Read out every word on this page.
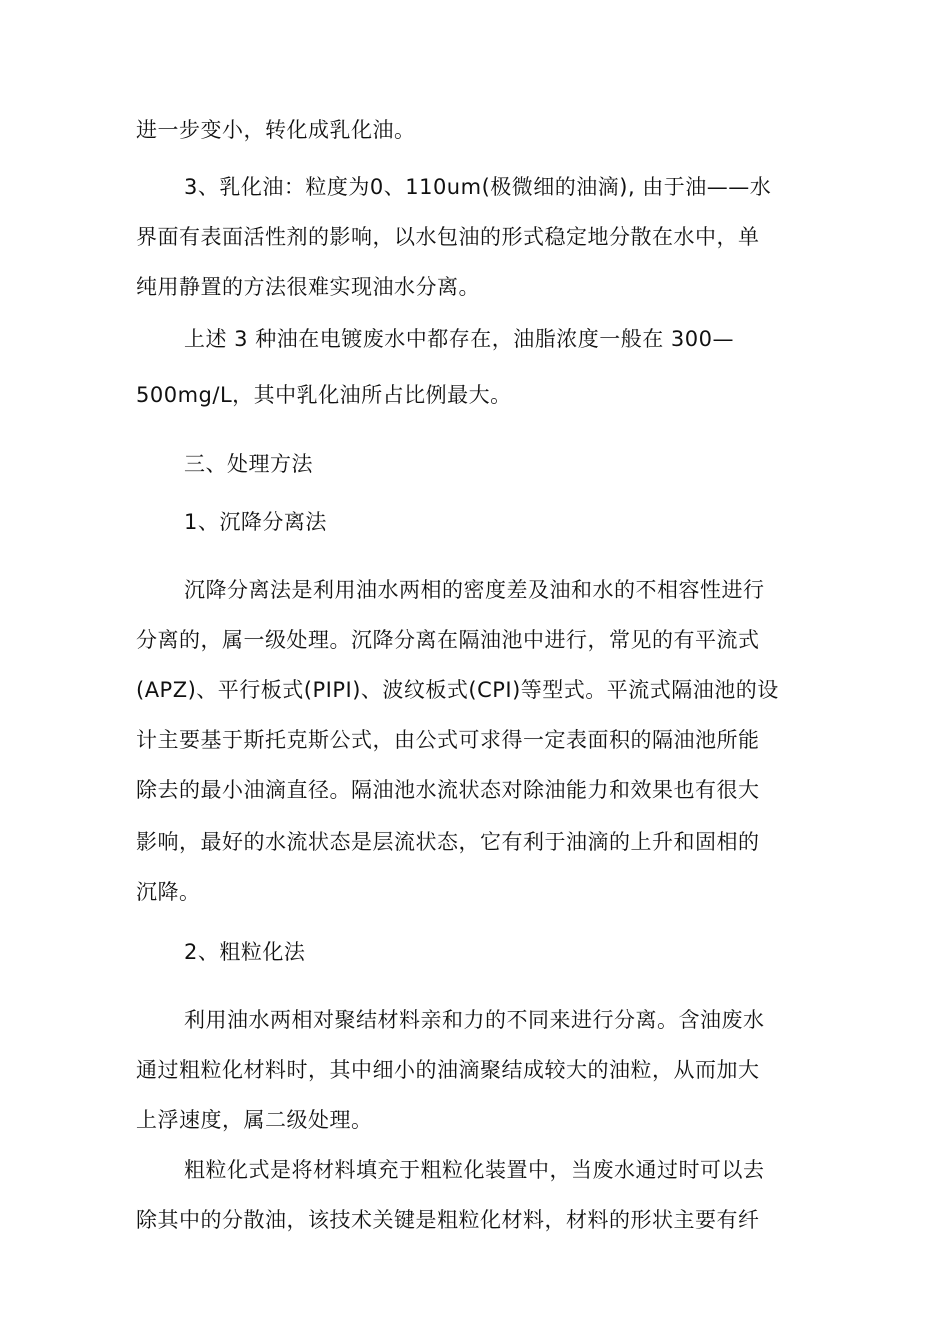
进一步变小，转化成乳化油。
3、乳化油：粒度为0、110um(极微细的油滴), 由于油——水
界面有表面活性剂的影响，以水包油的形式稳定地分散在水中，单
纯用静置的方法很难实现油水分离。
上述 3 种油在电镀废水中都存在，油脂浓度一般在 300—
500mg/L，其中乳化油所占比例最大。
三、处理方法
1、沉降分离法
沉降分离法是利用油水两相的密度差及油和水的不相容性进行
分离的，属一级处理。沉降分离在隔油池中进行，常见的有平流式
(APZ)、平行板式(PIPI)、波纹板式(CPI)等型式。平流式隔油池的设
计主要基于斯托克斯公式，由公式可求得一定表面积的隔油池所能
除去的最小油滴直径。隔油池水流状态对除油能力和效果也有很大
影响，最好的水流状态是层流状态，它有利于油滴的上升和固相的
沉降。
2、粗粒化法
利用油水两相对聚结材料亲和力的不同来进行分离。含油废水
通过粗粒化材料时，其中细小的油滴聚结成较大的油粒，从而加大
上浮速度，属二级处理。
粗粒化式是将材料填充于粗粒化装置中，当废水通过时可以去
除其中的分散油，该技术关键是粗粒化材料，材料的形状主要有纤
